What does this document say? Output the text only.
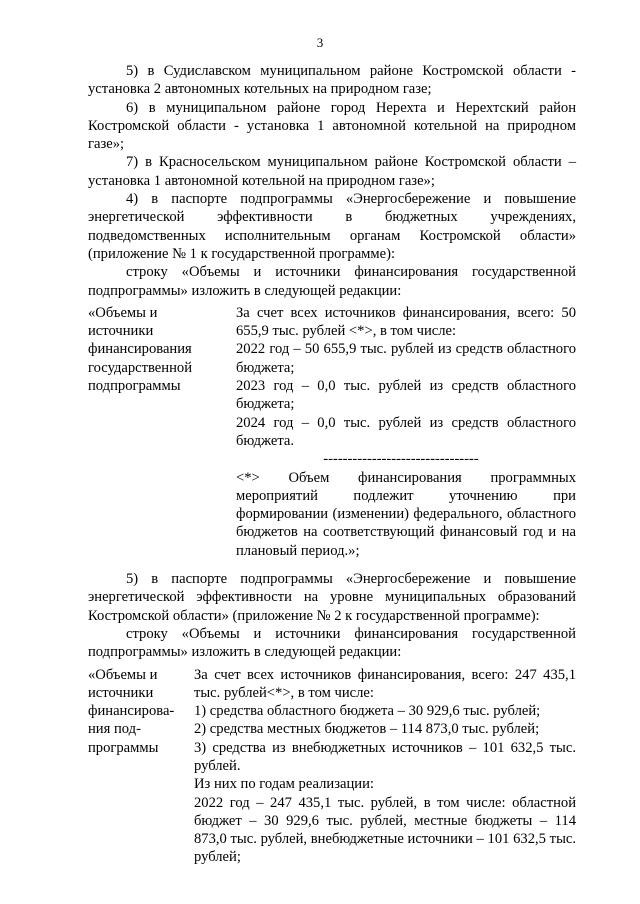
3

5) в Судиславском муниципальном районе Костромской области - установка 2 автономных котельных на природном газе;

6) в муниципальном районе город Нерехта и Нерехтский район Костромской области - установка 1 автономной котельной на природном газе»;

7) в Красносельском муниципальном районе Костромской области – установка 1 автономной котельной на природном газе»;

4) в паспорте подпрограммы «Энергосбережение и повышение энергетической эффективности в бюджетных учреждениях, подведомственных исполнительным органам Костромской области» (приложение № 1 к государственной программе):

строку «Объемы и источники финансирования государственной подпрограммы» изложить в следующей редакции:

«Объемы и
источники
финансирования
государственной
подпрограммы

За счет всех источников финансирования, всего: 50 655,9 тыс. рублей <*>, в том числе:

2022 год – 50 655,9 тыс. рублей из средств областного бюджета;

2023 год – 0,0 тыс. рублей из средств областного бюджета;

2024 год – 0,0 тыс. рублей из средств областного бюджета.

--------------------------------

<*> Объем финансирования программных мероприятий подлежит уточнению при формировании (изменении) федерального, областного бюджетов на соответствующий финансовый год и на плановый период.»;

5) в паспорте подпрограммы «Энергосбережение и повышение энергетической эффективности на уровне муниципальных образований Костромской области» (приложение № 2 к государственной программе):

строку «Объемы и источники финансирования государственной подпрограммы» изложить в следующей редакции:

«Объемы и
источники
финансирова-
ния под-
программы

За счет всех источников финансирования, всего: 247 435,1 тыс. рублей<*>, в том числе:

1) средства областного бюджета – 30 929,6 тыс. рублей;

2) средства местных бюджетов – 114 873,0 тыс. рублей;

3) средства из внебюджетных источников – 101 632,5 тыс. рублей.

Из них по годам реализации:

2022 год – 247 435,1 тыс. рублей, в том числе: областной бюджет – 30 929,6 тыс. рублей, местные бюджеты – 114 873,0 тыс. рублей, внебюджетные источники – 101 632,5 тыс. рублей;
